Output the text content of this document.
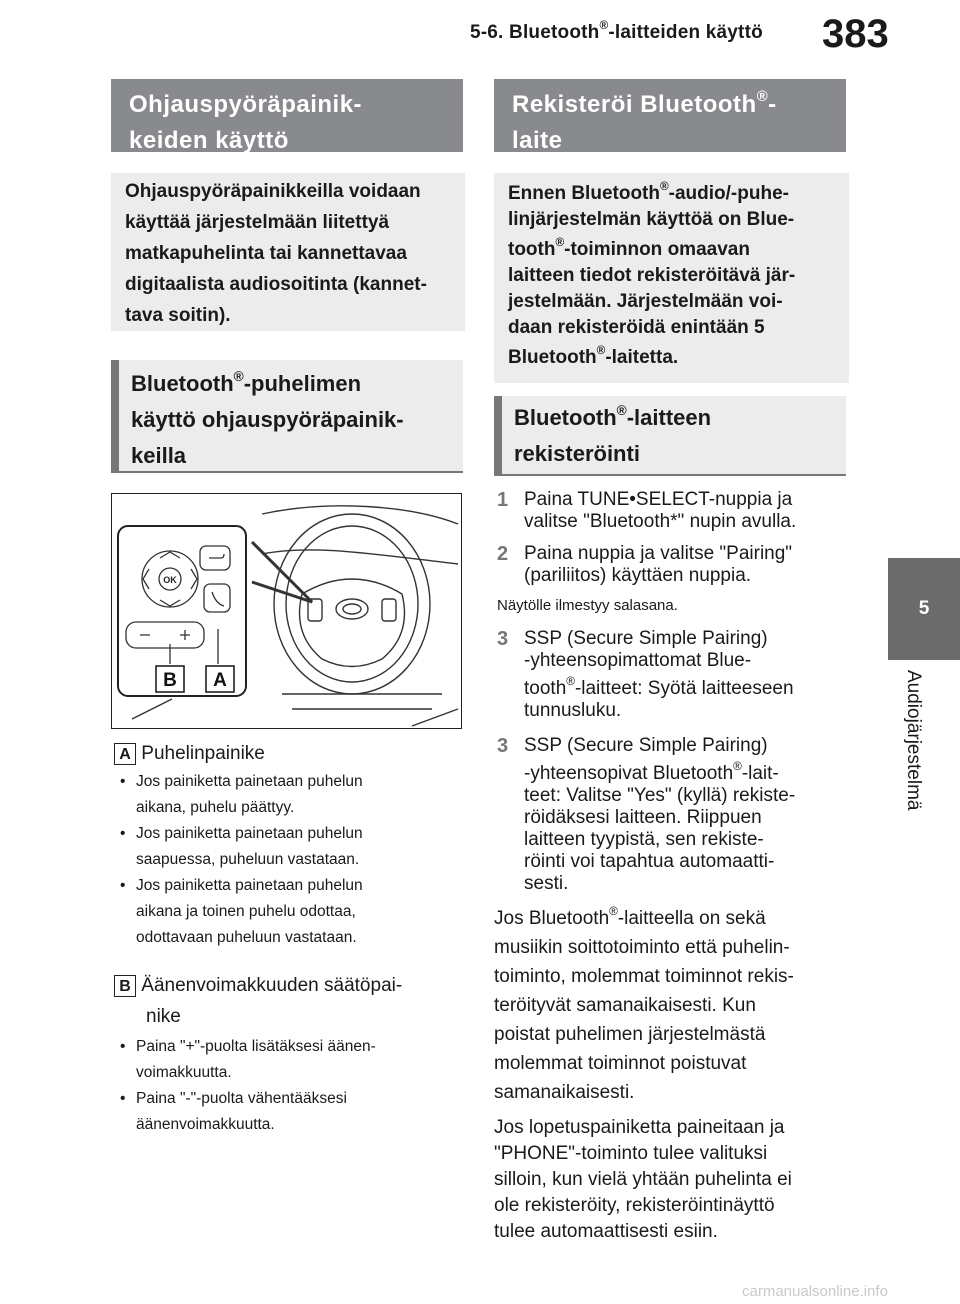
5-6. Bluetooth®-laitteiden käyttö 383
5
Audiojärjestelmä
Ohjauspyöräpainik-
keiden käyttö
Ohjauspyöräpainikkeilla voidaan
käyttää järjestelmään liitettyä
matkapuhelinta tai kannettavaa
digitaalista audiosoitinta (kannet-
tava soitin).
Bluetooth®-puhelimen
käyttö ohjauspyöräpainik-
keilla
OK
B A
A Puhelinpainike
• Jos painiketta painetaan puhelun
aikana, puhelu päättyy.
• Jos painiketta painetaan puhelun
saapuessa, puheluun vastataan.
• Jos painiketta painetaan puhelun
aikana ja toinen puhelu odottaa,
odottavaan puheluun vastataan.
B Äänenvoimakkuuden säätöpai-
nike
• Paina "+"-puolta lisätäksesi äänen-
voimakkuutta.
• Paina "-"-puolta vähentääksesi
äänenvoimakkuutta.
Rekisteröi Bluetooth®-
laite
Ennen Bluetooth®-audio/-puhe-
linjärjestelmän käyttöä on Blue-
tooth®-toiminnon omaavan
laitteen tiedot rekisteröitävä jär-
jestelmään. Järjestelmään voi-
daan rekisteröidä enintään 5
Bluetooth®-laitetta.
Bluetooth®-laitteen
rekisteröinti
1 Paina TUNE•SELECT-nuppia ja
valitse "Bluetooth*" nupin avulla.
2 Paina nuppia ja valitse "Pairing"
(pariliitos) käyttäen nuppia.
Näytölle ilmestyy salasana.
3 SSP (Secure Simple Pairing)
-yhteensopimattomat Blue-
tooth®-laitteet: Syötä laitteeseen
tunnusluku.
3 SSP (Secure Simple Pairing)
-yhteensopivat Bluetooth®-lait-
teet: Valitse "Yes" (kyllä) rekiste-
röidäksesi laitteen. Riippuen
laitteen tyypistä, sen rekiste-
röinti voi tapahtua automaatti-
sesti.
Jos Bluetooth®-laitteella on sekä
musiikin soittotoiminto että puhelin-
toiminto, molemmat toiminnot rekis-
teröityvät samanaikaisesti. Kun
poistat puhelimen järjestelmästä
molemmat toiminnot poistuvat
samanaikaisesti.
Jos lopetuspainiketta paineitaan ja
"PHONE"-toiminto tulee valituksi
silloin, kun vielä yhtään puhelinta ei
ole rekisteröity, rekisteröintinäyttö
tulee automaattisesti esiin.
carmanualsonline.info
